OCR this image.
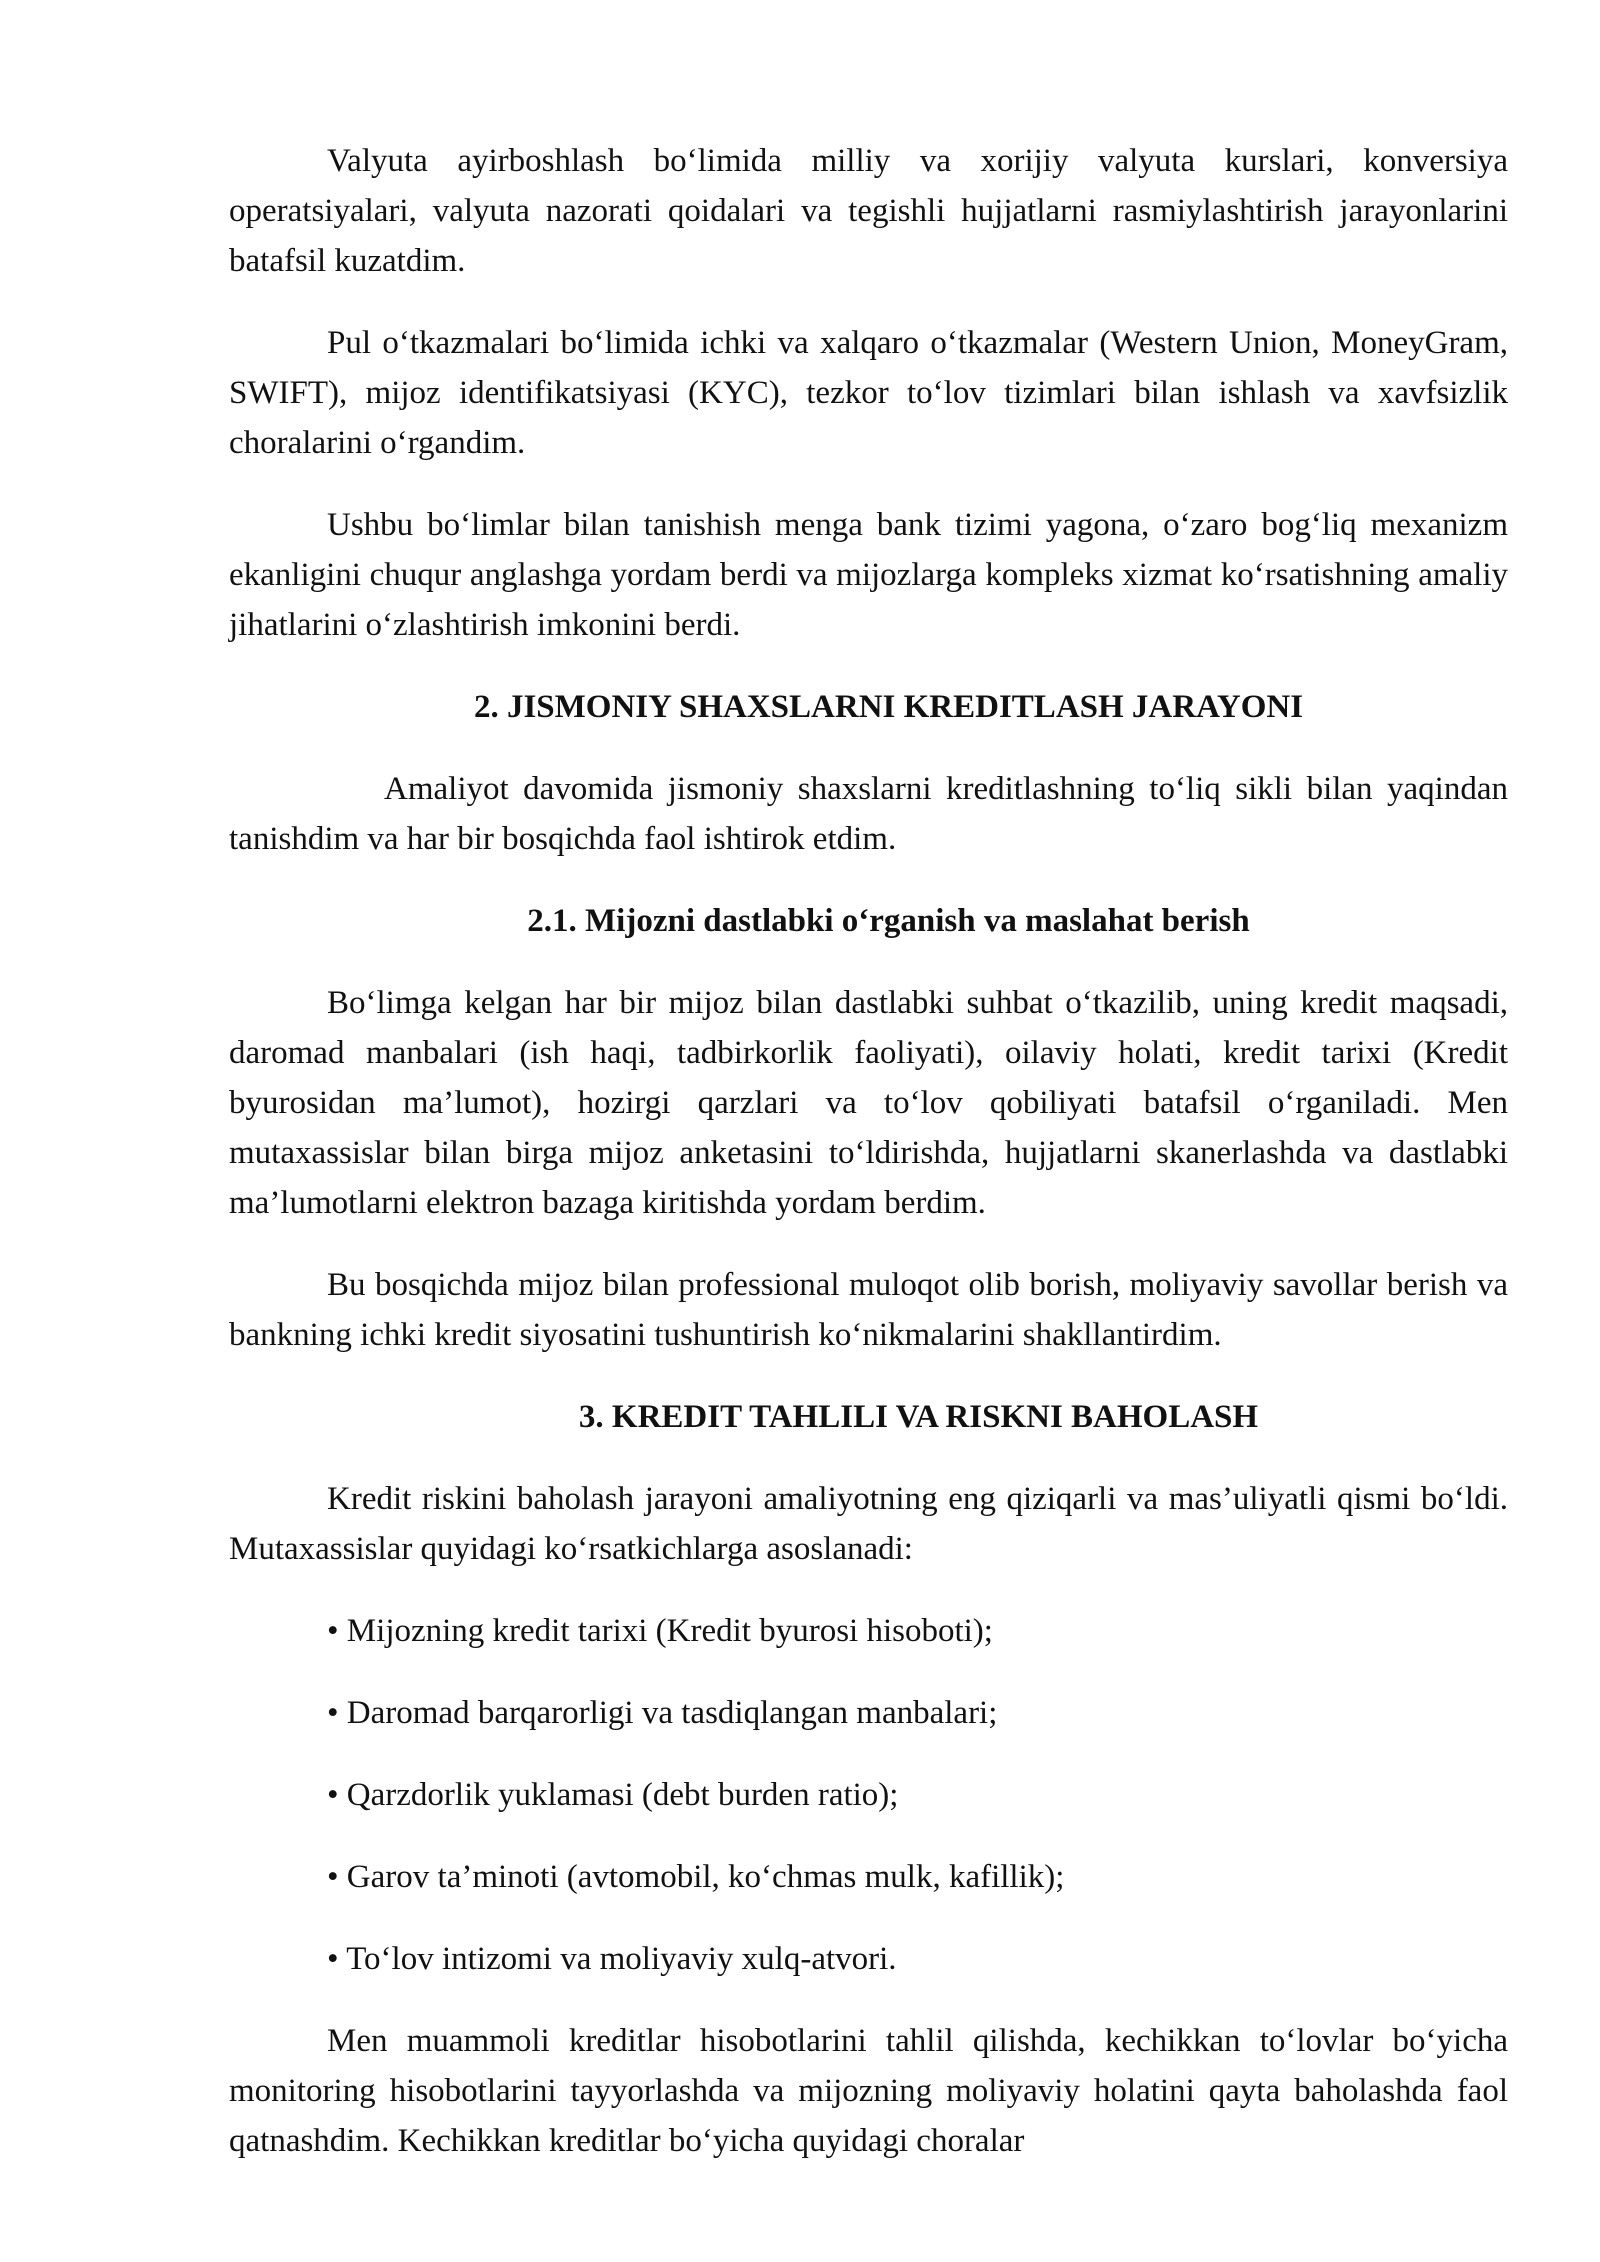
Valyuta ayirboshlash bo‘limida milliy va xorijiy valyuta kurslari, konversiya operatsiyalari, valyuta nazorati qoidalari va tegishli hujjatlarni rasmiylashtirish jarayonlarini batafsil kuzatdim.

Pul o‘tkazmalari bo‘limida ichki va xalqaro o‘tkazmalar (Western Union, MoneyGram, SWIFT), mijoz identifikatsiyasi (KYC), tezkor to‘lov tizimlari bilan ishlash va xavfsizlik choralarini o‘rgandim.

Ushbu bo‘limlar bilan tanishish menga bank tizimi yagona, o‘zaro bog‘liq mexanizm ekanligini chuqur anglashga yordam berdi va mijozlarga kompleks xizmat ko‘rsatishning amaliy jihatlarini o‘zlashtirish imkonini berdi.

2. JISMONIY SHAXSLARNI KREDITLASH JARAYONI

Amaliyot davomida jismoniy shaxslarni kreditlashning to‘liq sikli bilan yaqindan tanishdim va har bir bosqichda faol ishtirok etdim.

2.1. Mijozni dastlabki o‘rganish va maslahat berish

Bo‘limga kelgan har bir mijoz bilan dastlabki suhbat o‘tkazilib, uning kredit maqsadi, daromad manbalari (ish haqi, tadbirkorlik faoliyati), oilaviy holati, kredit tarixi (Kredit byurosidan ma’lumot), hozirgi qarzlari va to‘lov qobiliyati batafsil o‘rganiladi. Men mutaxassislar bilan birga mijoz anketasini to‘ldirishda, hujjatlarni skanerlashda va dastlabki ma’lumotlarni elektron bazaga kiritishda yordam berdim.

Bu bosqichda mijoz bilan professional muloqot olib borish, moliyaviy savollar berish va bankning ichki kredit siyosatini tushuntirish ko‘nikmalarini shakllantirdim.

3. KREDIT TAHLILI VA RISKNI BAHOLASH

Kredit riskini baholash jarayoni amaliyotning eng qiziqarli va mas’uliyatli qismi bo‘ldi. Mutaxassislar quyidagi ko‘rsatkichlarga asoslanadi:

• Mijozning kredit tarixi (Kredit byurosi hisoboti);

• Daromad barqarorligi va tasdiqlangan manbalari;

• Qarzdorlik yuklamasi (debt burden ratio);

• Garov ta’minoti (avtomobil, ko‘chmas mulk, kafillik);

• To‘lov intizomi va moliyaviy xulq-atvori.

Men muammoli kreditlar hisobotlarini tahlil qilishda, kechikkan to‘lovlar bo‘yicha monitoring hisobotlarini tayyorlashda va mijozning moliyaviy holatini qayta baholashda faol qatnashdim. Kechikkan kreditlar bo‘yicha quyidagi choralar
